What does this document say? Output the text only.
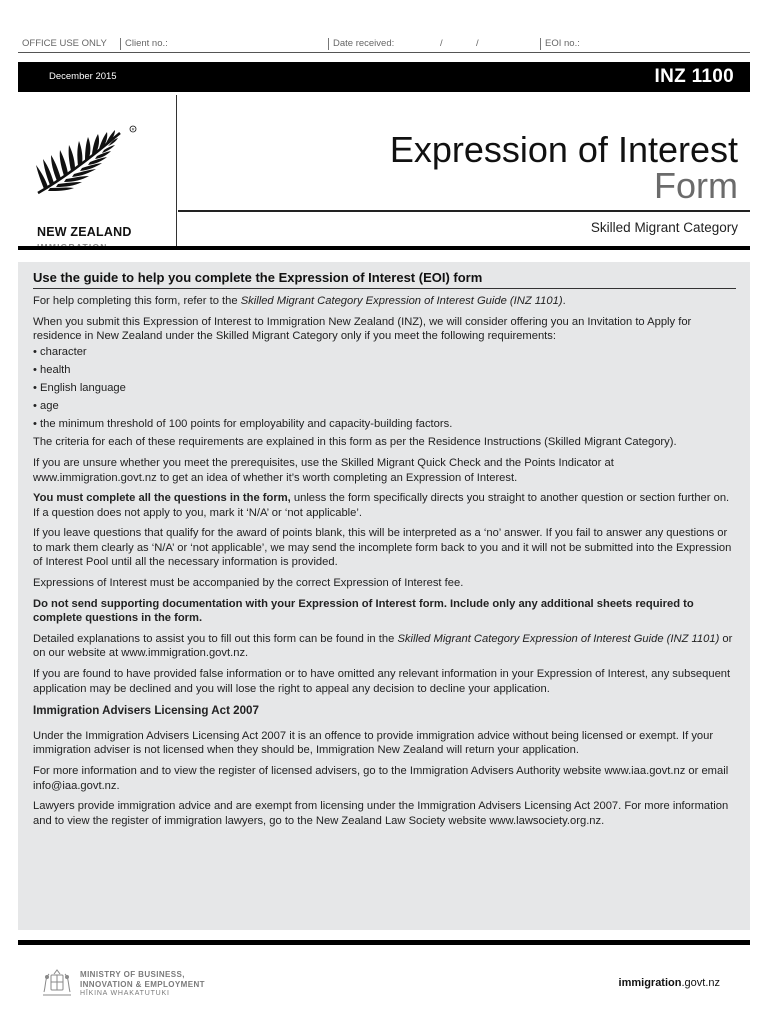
OFFICE USE ONLY	Client no.:	Date received:	/	/	EOI no.:
December 2015	INZ 1100
R
NEW ZEALAND
Expression of Interest
Form
Skilled Migrant Category
Use the guide to help you complete the Expression of Interest (EOI) form

For help completing this form, refer to the Skilled Migrant Category Expression of Interest Guide (INZ 1101).

When you submit this Expression of Interest to Immigration New Zealand (INZ), we will consider offering you an Invitation to Apply for residence in New Zealand under the Skilled Migrant Category only if you meet the following requirements:

• character
• health
• English language
• age
• the minimum threshold of 100 points for employability and capacity-building factors.

The criteria for each of these requirements are explained in this form as per the Residence Instructions (Skilled Migrant Category).

If you are unsure whether you meet the prerequisites, use the Skilled Migrant Quick Check and the Points Indicator at www.immigration.govt.nz to get an idea of whether it’s worth completing an Expression of Interest.

You must complete all the questions in the form, unless the form specifically directs you straight to another question or section further on. If a question does not apply to you, mark it ‘N/A’ or ‘not applicable’.

If you leave questions that qualify for the award of points blank, this will be interpreted as a ‘no’ answer. If you fail to answer any questions or to mark them clearly as ‘N/A’ or ‘not applicable’, we may send the incomplete form back to you and it will not be submitted into the Expression of Interest Pool until all the necessary information is provided.

Expressions of Interest must be accompanied by the correct Expression of Interest fee.

Do not send supporting documentation with your Expression of Interest form. Include only any additional sheets required to complete questions in the form.

Detailed explanations to assist you to fill out this form can be found in the Skilled Migrant Category Expression of Interest Guide (INZ 1101) or on our website at www.immigration.govt.nz.

If you are found to have provided false information or to have omitted any relevant information in your Expression of Interest, any subsequent application may be declined and you will lose the right to appeal any decision to decline your application.

Immigration Advisers Licensing Act 2007

Under the Immigration Advisers Licensing Act 2007 it is an offence to provide immigration advice without being licensed or exempt. If your immigration adviser is not licensed when they should be, Immigration New Zealand will return your application.

For more information and to view the register of licensed advisers, go to the Immigration Advisers Authority website www.iaa.govt.nz or email info@iaa.govt.nz.

Lawyers provide immigration advice and are exempt from licensing under the Immigration Advisers Licensing Act 2007. For more information and to view the register of immigration lawyers, go to the New Zealand Law Society website www.lawsociety.org.nz.

MINISTRY OF BUSINESS,
INNOVATION & EMPLOYMENT
HĪKINA WHAKATUTUKI
immigration.govt.nz
